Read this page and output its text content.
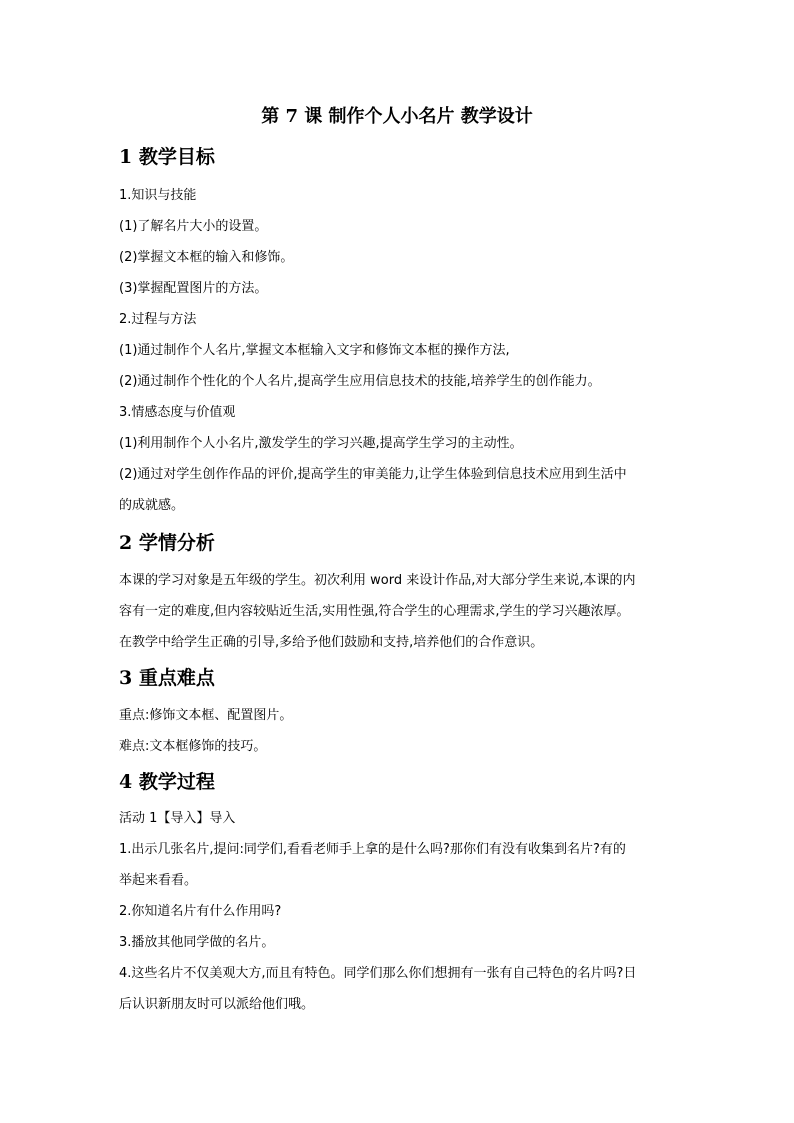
第 7 课 制作个人小名片 教学设计
1 教学目标
1.知识与技能
(1)了解名片大小的设置。
(2)掌握文本框的输入和修饰。
(3)掌握配置图片的方法。
2.过程与方法
(1)通过制作个人名片,掌握文本框输入文字和修饰文本框的操作方法,
(2)通过制作个性化的个人名片,提高学生应用信息技术的技能,培养学生的创作能力。
3.情感态度与价值观
(1)利用制作个人小名片,激发学生的学习兴趣,提高学生学习的主动性。
(2)通过对学生创作作品的评价,提高学生的审美能力,让学生体验到信息技术应用到生活中
的成就感。
2 学情分析
本课的学习对象是五年级的学生。初次利用 word 来设计作品,对大部分学生来说,本课的内
容有一定的难度,但内容较贴近生活,实用性强,符合学生的心理需求,学生的学习兴趣浓厚。
在教学中给学生正确的引导,多给予他们鼓励和支持,培养他们的合作意识。
3 重点难点
重点:修饰文本框、配置图片。
难点:文本框修饰的技巧。
4 教学过程
活动 1【导入】导入
1.出示几张名片,提问:同学们,看看老师手上拿的是什么吗?那你们有没有收集到名片?有的
举起来看看。
2.你知道名片有什么作用吗?
3.播放其他同学做的名片。
4.这些名片不仅美观大方,而且有特色。同学们那么你们想拥有一张有自己特色的名片吗?日
后认识新朋友时可以派给他们哦。
